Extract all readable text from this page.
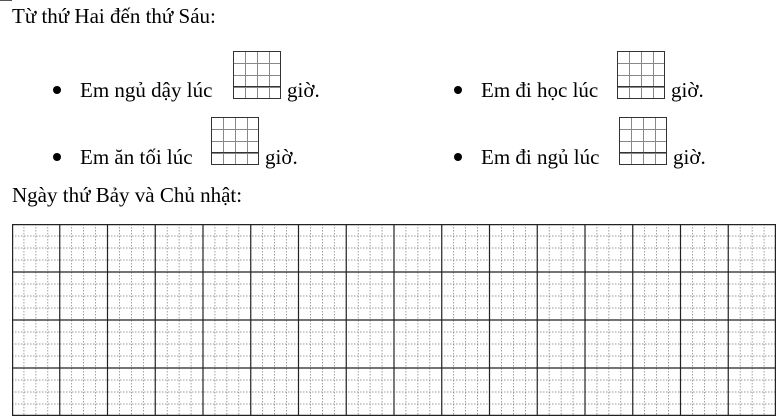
Từ thứ Hai đến thứ Sáu:
Em ngủ dậy lúc	giờ.	Em đi học lúc	giờ.
Em ăn tối lúc	giờ.	Em đi ngủ lúc	giờ.
Ngày thứ Bảy và Chủ nhật:
